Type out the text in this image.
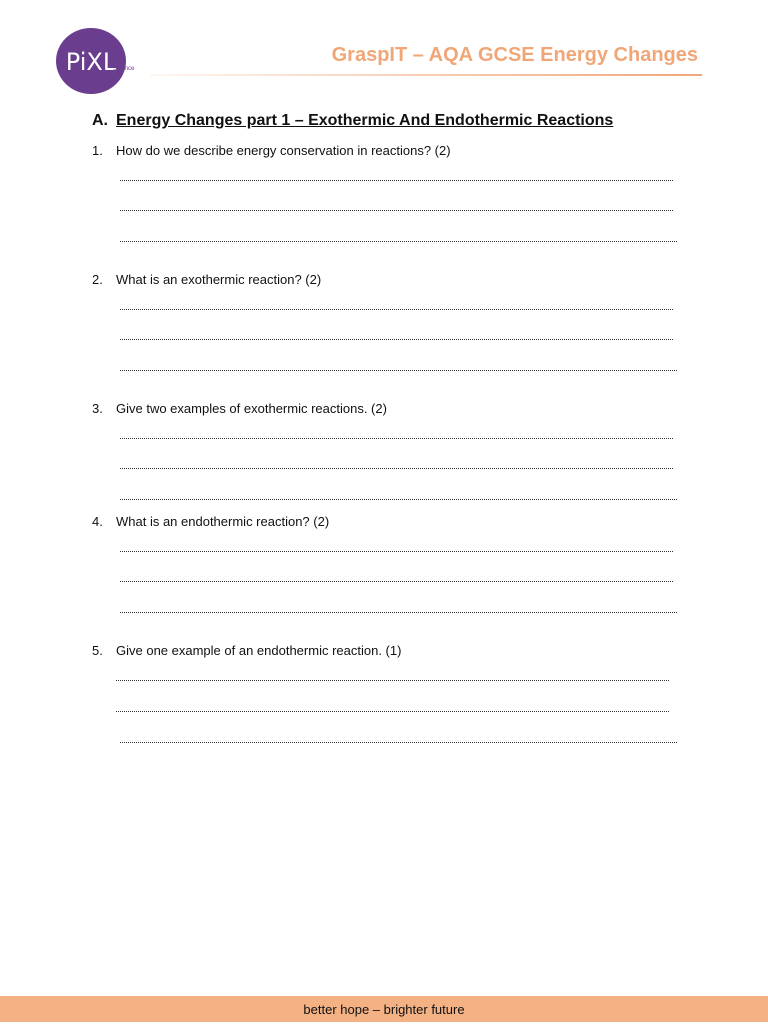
PiXL
Science
GraspIT – AQA GCSE Energy Changes
A. Energy Changes part 1 – Exothermic And Endothermic Reactions
1. How do we describe energy conservation in reactions? (2)
2. What is an exothermic reaction? (2)
3. Give two examples of exothermic reactions. (2)
4. What is an endothermic reaction? (2)
5. Give one example of an endothermic reaction. (1)
better hope – brighter future
